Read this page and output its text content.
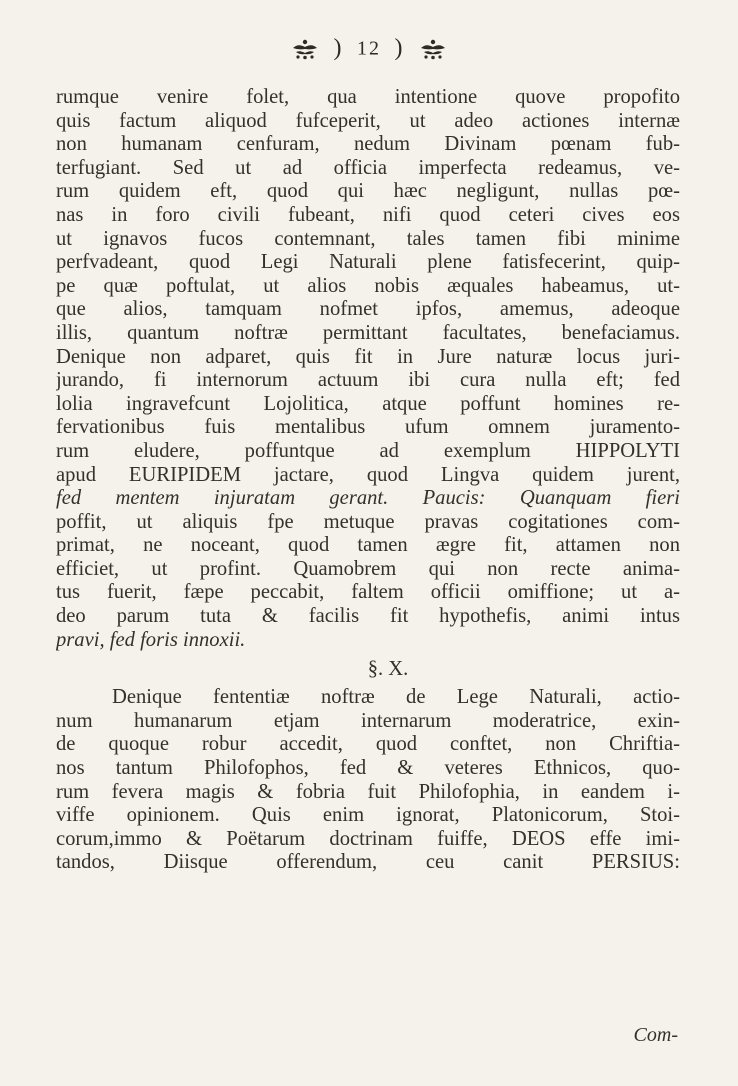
) 12 )
rumque venire folet, qua intentione quove propofito
quis factum aliquod fufceperit, ut adeo actiones internæ
non humanam cenfuram, nedum Divinam pœnam fub-
terfugiant. Sed ut ad officia imperfecta redeamus, ve-
rum quidem eft, quod qui hæc negligunt, nullas pœ-
nas in foro civili fubeant, nifi quod ceteri cives eos
ut ignavos fucos contemnant, tales tamen fibi minime
perfvadeant, quod Legi Naturali plene fatisfecerint, quip-
pe quæ poftulat, ut alios nobis æquales habeamus, ut-
que alios, tamquam nofmet ipfos, amemus, adeoque
illis, quantum noftræ permittant facultates, benefaciamus.
Denique non adparet, quis fit in Jure naturæ locus juri-
jurando, fi internorum actuum ibi cura nulla eft; fed
lolia ingravefcunt Lojolitica, atque poffunt homines re-
fervationibus fuis mentalibus ufum omnem juramento-
rum eludere, poffuntque ad exemplum HIPPOLYTI
apud EURIPIDEM jactare, quod Lingva quidem jurent,
fed mentem injuratam gerant. Paucis: Quanquam fieri
poffit, ut aliquis fpe metuque pravas cogitationes com-
primat, ne noceant, quod tamen ægre fit, attamen non
efficiet, ut profint. Quamobrem qui non recte anima-
tus fuerit, fæpe peccabit, faltem officii omiffione; ut a-
deo parum tuta & facilis fit hypothefis, animi intus
pravi, fed foris innoxii.
§. X.
Denique fententiæ noftræ de Lege Naturali, actio-
num humanarum etjam internarum moderatrice, exin-
de quoque robur accedit, quod conftet, non Chriftia-
nos tantum Philofophos, fed & veteres Ethnicos, quo-
rum fevera magis & fobria fuit Philofophia, in eandem i-
viffe opinionem. Quis enim ignorat, Platonicorum, Stoi-
corum,immo & Poëtarum doctrinam fuiffe, DEOS effe imi-
tandos, Diisque offerendum, ceu canit PERSIUS:
Com-
